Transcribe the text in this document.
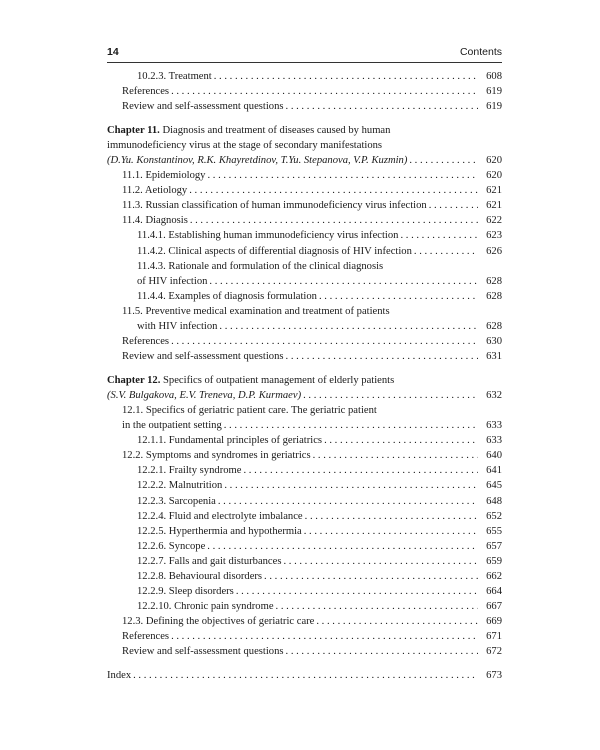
14	Contents
10.2.3. Treatment . . .	608
References . . .	619
Review and self-assessment questions . . .	619
Chapter 11. Diagnosis and treatment of diseases caused by human
immunodeficiency virus at the stage of secondary manifestations
(D.Yu. Konstantinov, R.K. Khayretdinov, T.Yu. Stepanova, V.P. Kuzmin) . . .	620
11.1. Epidemiology . . .	620
11.2. Aetiology . . .	621
11.3. Russian classification of human immunodeficiency virus infection . . .	621
11.4. Diagnosis . . .	622
11.4.1. Establishing human immunodeficiency virus infection . . .	623
11.4.2. Clinical aspects of differential diagnosis of HIV infection . . .	626
11.4.3. Rationale and formulation of the clinical diagnosis
of HIV infection . . .	628
11.4.4. Examples of diagnosis formulation . . .	628
11.5. Preventive medical examination and treatment of patients
with HIV infection . . .	628
References . . .	630
Review and self-assessment questions . . .	631
Chapter 12. Specifics of outpatient management of elderly patients
(S.V. Bulgakova, E.V. Treneva, D.P. Kurmaev) . . .	632
12.1. Specifics of geriatric patient care. The geriatric patient
in the outpatient setting . . .	633
12.1.1. Fundamental principles of geriatrics . . .	633
12.2. Symptoms and syndromes in geriatrics . . .	640
12.2.1. Frailty syndrome . . .	641
12.2.2. Malnutrition . . .	645
12.2.3. Sarcopenia . . .	648
12.2.4. Fluid and electrolyte imbalance . . .	652
12.2.5. Hyperthermia and hypothermia . . .	655
12.2.6. Syncope . . .	657
12.2.7. Falls and gait disturbances . . .	659
12.2.8. Behavioural disorders . . .	662
12.2.9. Sleep disorders . . .	664
12.2.10. Chronic pain syndrome . . .	667
12.3. Defining the objectives of geriatric care . . .	669
References . . .	671
Review and self-assessment questions . . .	672
Index . . .	673
